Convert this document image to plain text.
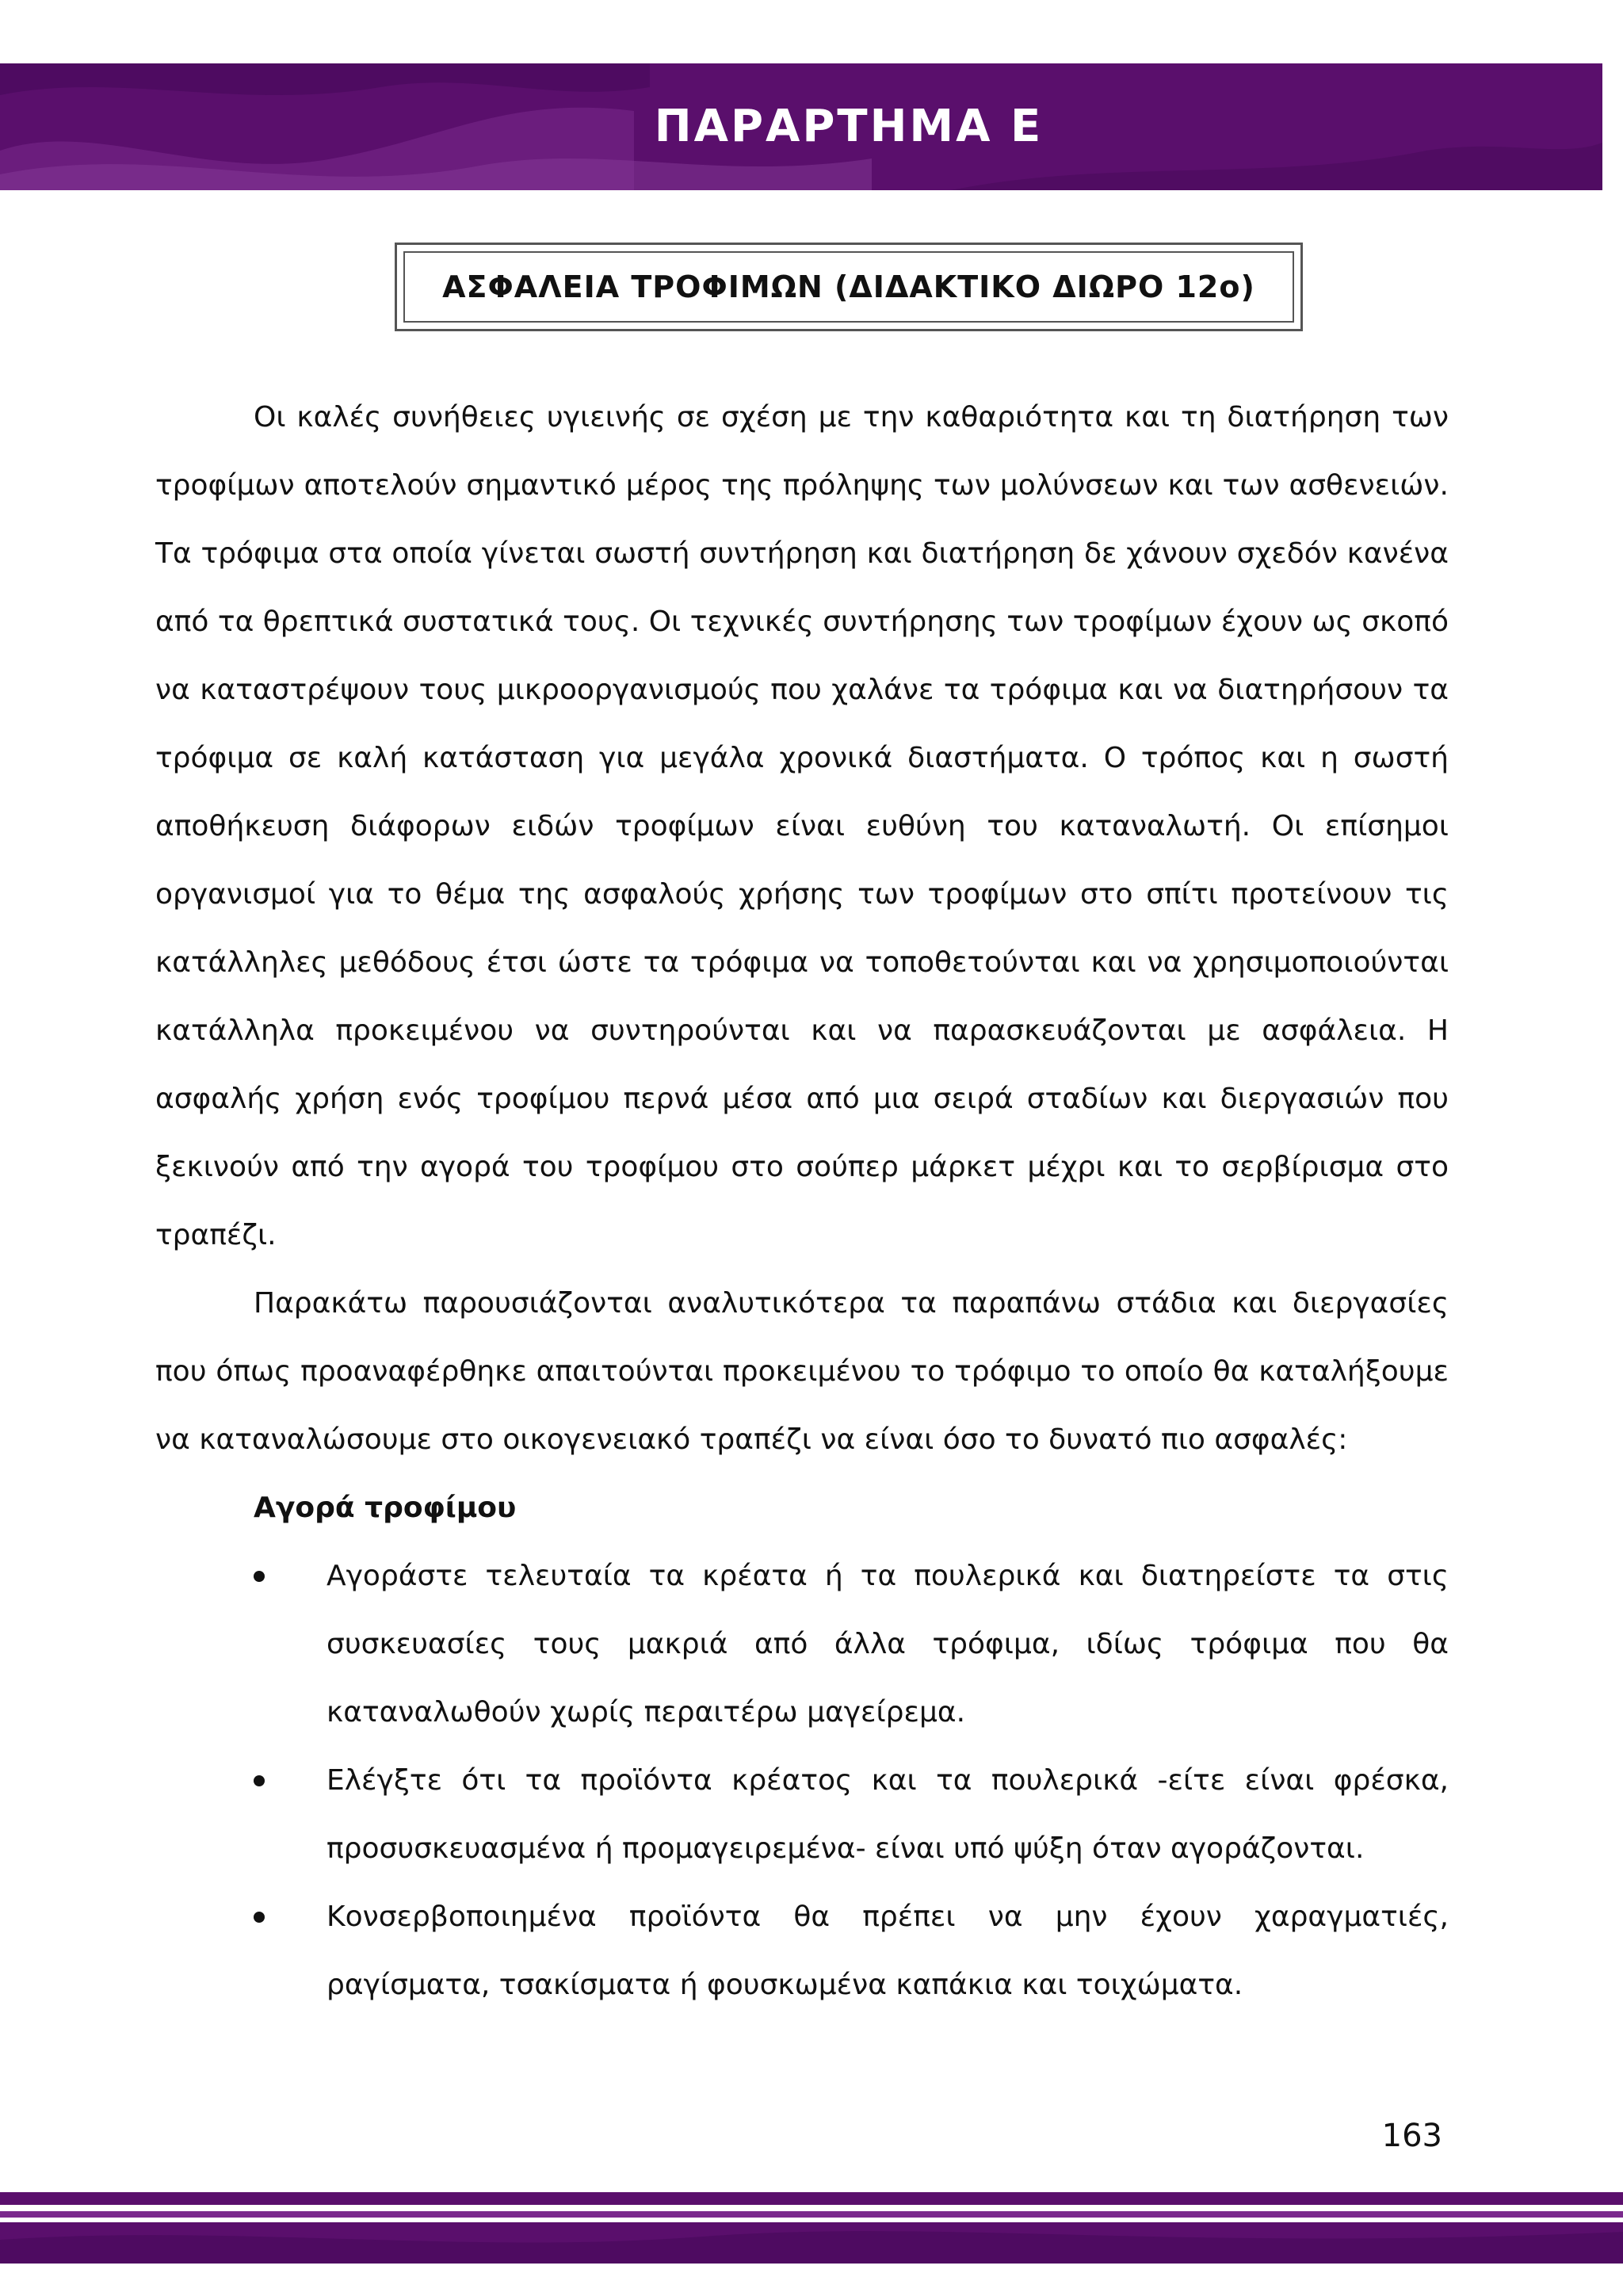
ΠΑΡΑΡΤΗΜΑ Ε
ΑΣΦΑΛΕΙΑ ΤΡΟΦΙΜΩΝ (ΔΙΔΑΚΤΙΚΟ ΔΙΩΡΟ 12ο)

Οι καλές συνήθειες υγιεινής σε σχέση με την καθαριότητα και τη διατήρηση των τροφίμων αποτελούν σημαντικό μέρος της πρόληψης των μολύνσεων και των ασθενειών. Τα τρόφιμα στα οποία γίνεται σωστή συντήρηση και διατήρηση δε χάνουν σχεδόν κανένα από τα θρεπτικά συστατικά τους. Οι τεχνικές συντήρησης των τροφίμων έχουν ως σκοπό να καταστρέψουν τους μικροοργανισμούς που χαλάνε τα τρόφιμα και να διατηρήσουν τα τρόφιμα σε καλή κατάσταση για μεγάλα χρονικά διαστήματα. Ο τρόπος και η σωστή αποθήκευση διάφορων ειδών τροφίμων είναι ευθύνη του καταναλωτή. Οι επίσημοι οργανισμοί για το θέμα της ασφαλούς χρήσης των τροφίμων στο σπίτι προτείνουν τις κατάλληλες μεθόδους έτσι ώστε τα τρόφιμα να τοποθετούνται και να χρησιμοποιούνται κατάλληλα προκειμένου να συντηρούνται και να παρασκευάζονται με ασφάλεια. Η ασφαλής χρήση ενός τροφίμου περνά μέσα από μια σειρά σταδίων και διεργασιών που ξεκινούν από την αγορά του τροφίμου στο σούπερ μάρκετ μέχρι και το σερβίρισμα στο τραπέζι.

Παρακάτω παρουσιάζονται αναλυτικότερα τα παραπάνω στάδια και διεργασίες που όπως προαναφέρθηκε απαιτούνται προκειμένου το τρόφιμο το οποίο θα καταλήξουμε να καταναλώσουμε στο οικογενειακό τραπέζι να είναι όσο το δυνατό πιο ασφαλές:

Αγορά τροφίμου

Αγοράστε τελευταία τα κρέατα ή τα πουλερικά και διατηρείστε τα στις συσκευασίες τους μακριά από άλλα τρόφιμα, ιδίως τρόφιμα που θα καταναλωθούν χωρίς περαιτέρω μαγείρεμα.
Ελέγξτε ότι τα προϊόντα κρέατος και τα πουλερικά -είτε είναι φρέσκα, προσυσκευασμένα ή προμαγειρεμένα- είναι υπό ψύξη όταν αγοράζονται.
Κονσερβοποιημένα προϊόντα θα πρέπει να μην έχουν χαραγματιές, ραγίσματα, τσακίσματα ή φουσκωμένα καπάκια και τοιχώματα.
163
